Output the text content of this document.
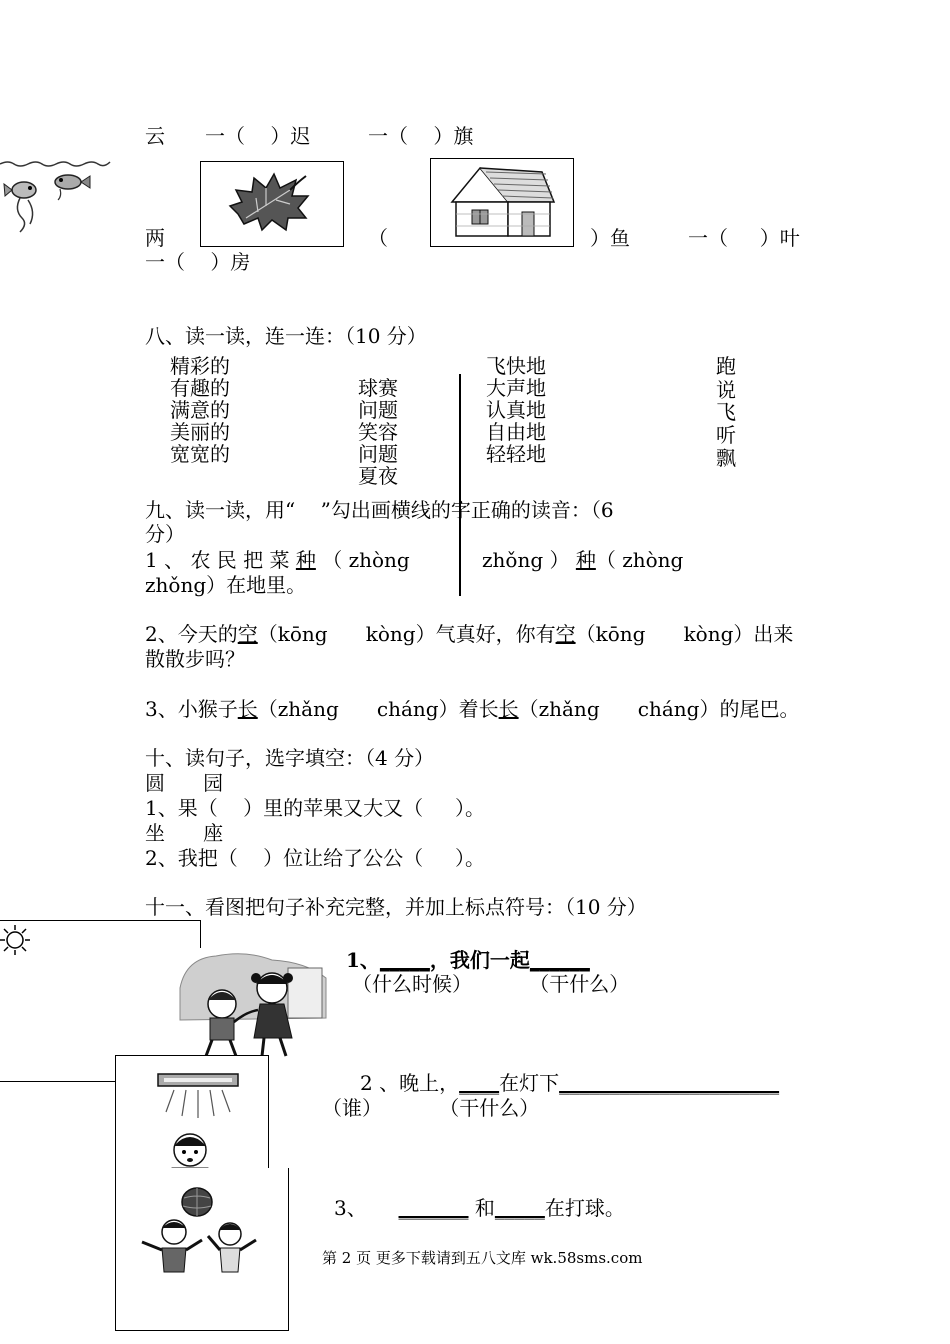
云 一（    ）迟	一（    ）旗
两	（	）鱼	一（     ）叶
一（    ）房
八、读一读，连一连：（10 分）
精彩的
有趣的
满意的
美丽的
宽宽的
球赛
问题
笑容
问题
夏夜
飞快地
大声地
认真地
自由地
轻轻地
跑
说
飞
听
飘
九、读一读，用“    ”勾出画横线的字正确的读音：（6
分）
1 、 农 民 把 菜 种 （ zhòng	zhǒng ） 种（ zhòng
zhǒng）在地里。
2、今天的空（kōng      kòng）气真好，你有空（kōng      kòng）出来
散散步吗？
3、小猴子长（zhǎng      cháng）着长长（zhǎng      cháng）的尾巴。
十、读句子，选字填空：（4 分）
圆      园
1、果（    ）里的苹果又大又（     ）。
坐      座
2、我把（    ）位让给了公公（     ）。
十一、看图把句子补充完整，并加上标点符号：（10 分）
1、_____，我们一起______
（什么时候）         （干什么）
2 、晚上，____在灯下______________________
（谁）         （干什么）
3、     _______ 和_____在打球。
第 2 页 更多下载请到五八文库 wk.58sms.com
